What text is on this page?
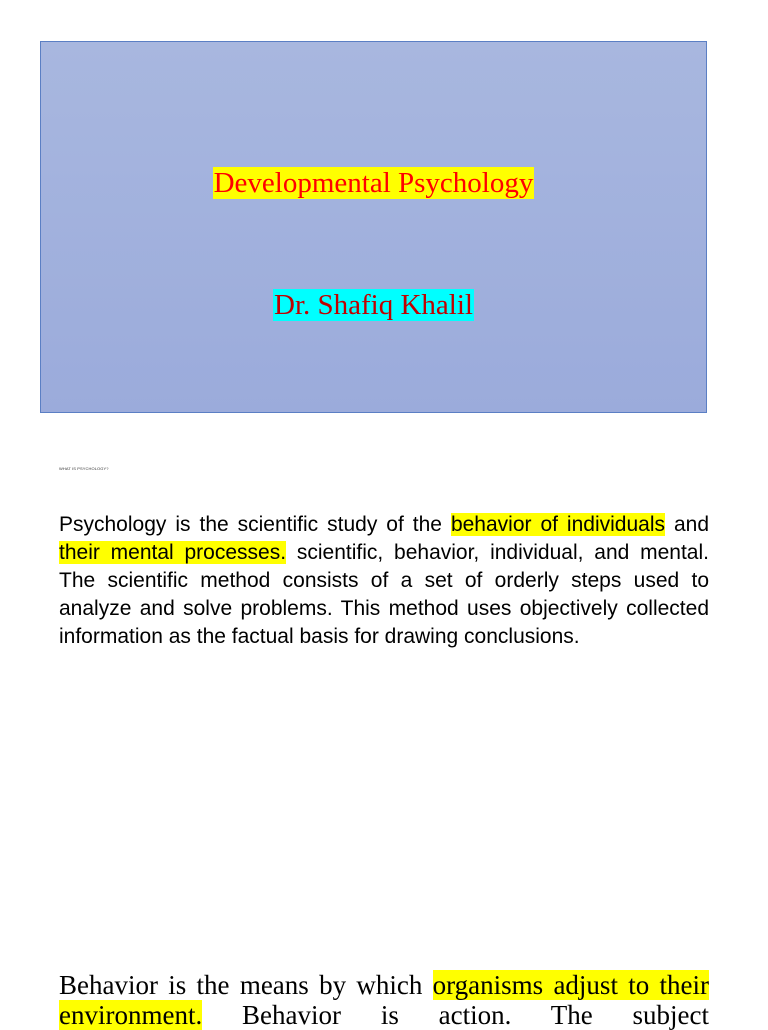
Developmental Psychology
Dr. Shafiq Khalil
WHAT IS PSYCHOLOGY?
Psychology is the scientific study of the behavior of individuals and their mental processes. scientific, behavior, individual, and mental. The scientific method consists of a set of orderly steps used to analyze and solve problems. This method uses objectively collected information as the factual basis for drawing conclusions.
Behavior is the means by which organisms adjust to their environment. Behavior is action. The subject
